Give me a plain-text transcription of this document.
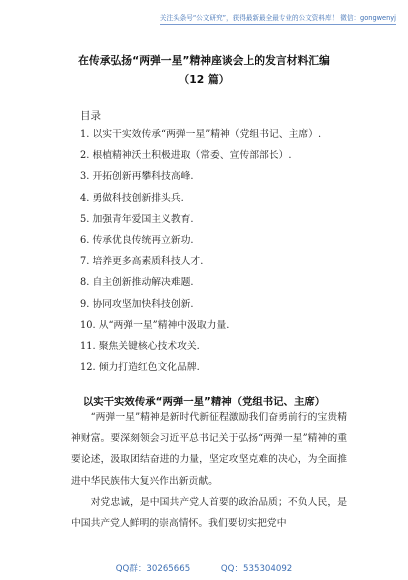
关注头条号“公文研究”，获得最新最全最专业的公文资料库！ 微信：gongwenyj
在传承弘扬“两弹一星”精神座谈会上的发言材料汇编
（12 篇）
目录
1. 以实干实效传承“两弹一星”精神（党组书记、主席）.
2. 根植精神沃土积极进取（常委、宣传部部长）.
3. 开拓创新再攀科技高峰.
4. 勇做科技创新排头兵.
5. 加强青年爱国主义教育.
6. 传承优良传统再立新功.
7. 培养更多高素质科技人才.
8. 自主创新推动解决难题.
9. 协同攻坚加快科技创新.
10. 从“两弹一星”精神中汲取力量.
11. 聚焦关键核心技术攻关.
12. 倾力打造红色文化品牌.
以实干实效传承“两弹一星”精神（党组书记、主席）

“两弹一星”精神是新时代新征程激励我们奋勇前行的宝贵精神财富。要深刻领会习近平总书记关于弘扬“两弹一星”精神的重要论述，汲取团结奋进的力量，坚定攻坚克难的决心，为全面推进中华民族伟大复兴作出新贡献。

对党忠诚，是中国共产党人首要的政治品质；不负人民，是中国共产党人鲜明的崇高情怀。我们要切实把党中

QQ群：30265665	QQ：535304092
